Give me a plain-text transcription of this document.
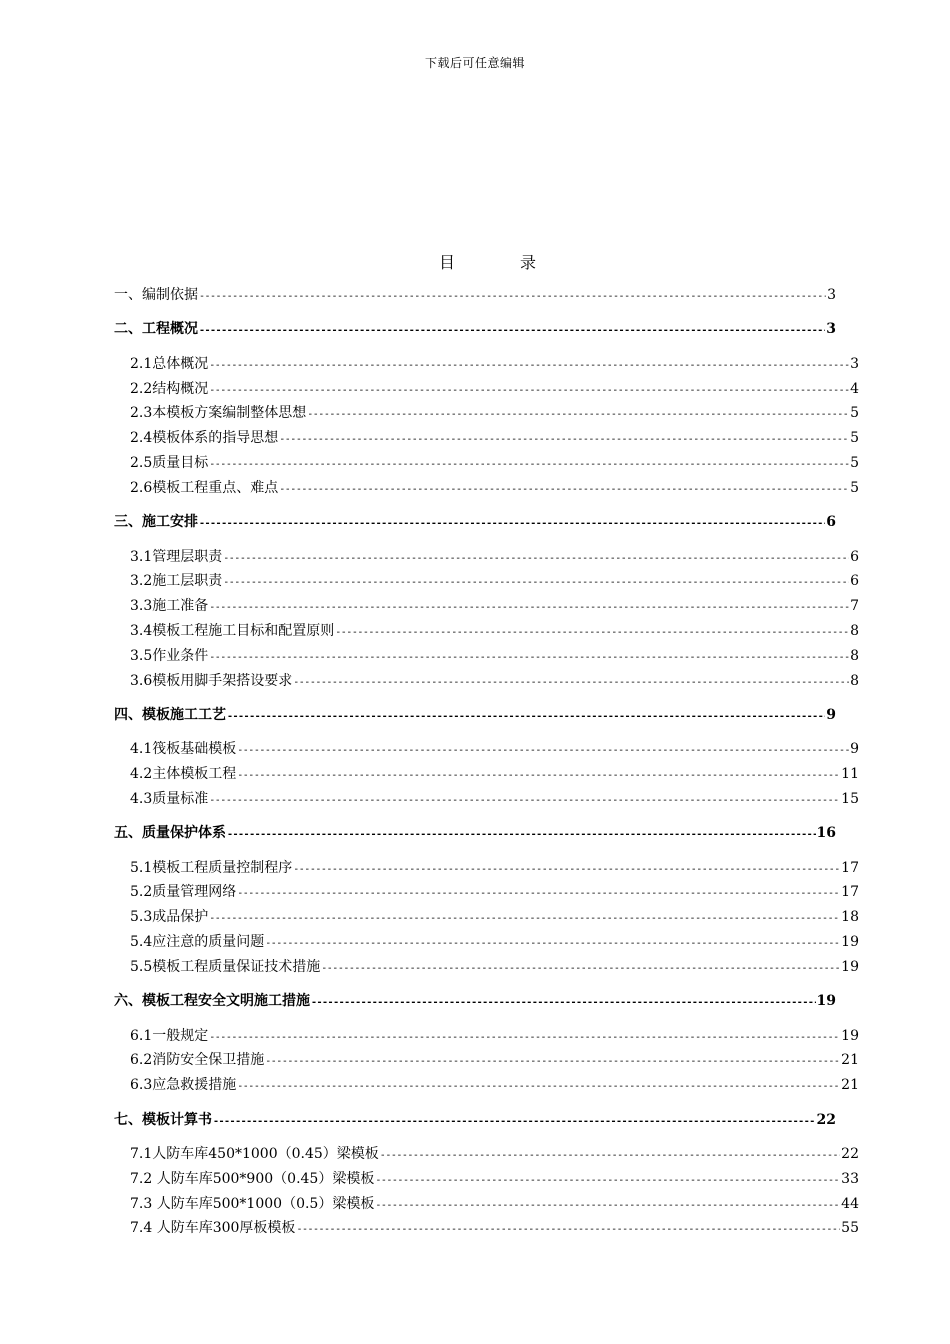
下载后可任意编辑
目	录
一、编制依据 -----	3
二、工程概况 -----	3
2.1总体概况 -----	3
2.2结构概况 -----	4
2.3本模板方案编制整体思想 -----	5
2.4模板体系的指导思想 -----	5
2.5质量目标 -----	5
2.6模板工程重点、难点 -----	5
三、施工安排 -----	6
3.1管理层职责 -----	6
3.2施工层职责 -----	6
3.3施工准备 -----	7
3.4模板工程施工目标和配置原则 -----	8
3.5作业条件 -----	8
3.6模板用脚手架搭设要求 -----	8
四、模板施工工艺 -----	9
4.1筏板基础模板 -----	9
4.2主体模板工程 -----	11
4.3质量标准 -----	15
五、质量保护体系 -----	16
5.1模板工程质量控制程序 -----	17
5.2质量管理网络 -----	17
5.3成品保护 -----	18
5.4应注意的质量问题 -----	19
5.5模板工程质量保证技术措施 -----	19
六、模板工程安全文明施工措施 -----	19
6.1一般规定 -----	19
6.2消防安全保卫措施 -----	21
6.3应急救援措施 -----	21
七、模板计算书 -----	22
7.1人防车库450*1000（0.45）梁模板 -----	22
7.2 人防车库500*900（0.45）梁模板 -----	33
7.3 人防车库500*1000（0.5）梁模板 -----	44
7.4 人防车库300厚板模板 -----	55
